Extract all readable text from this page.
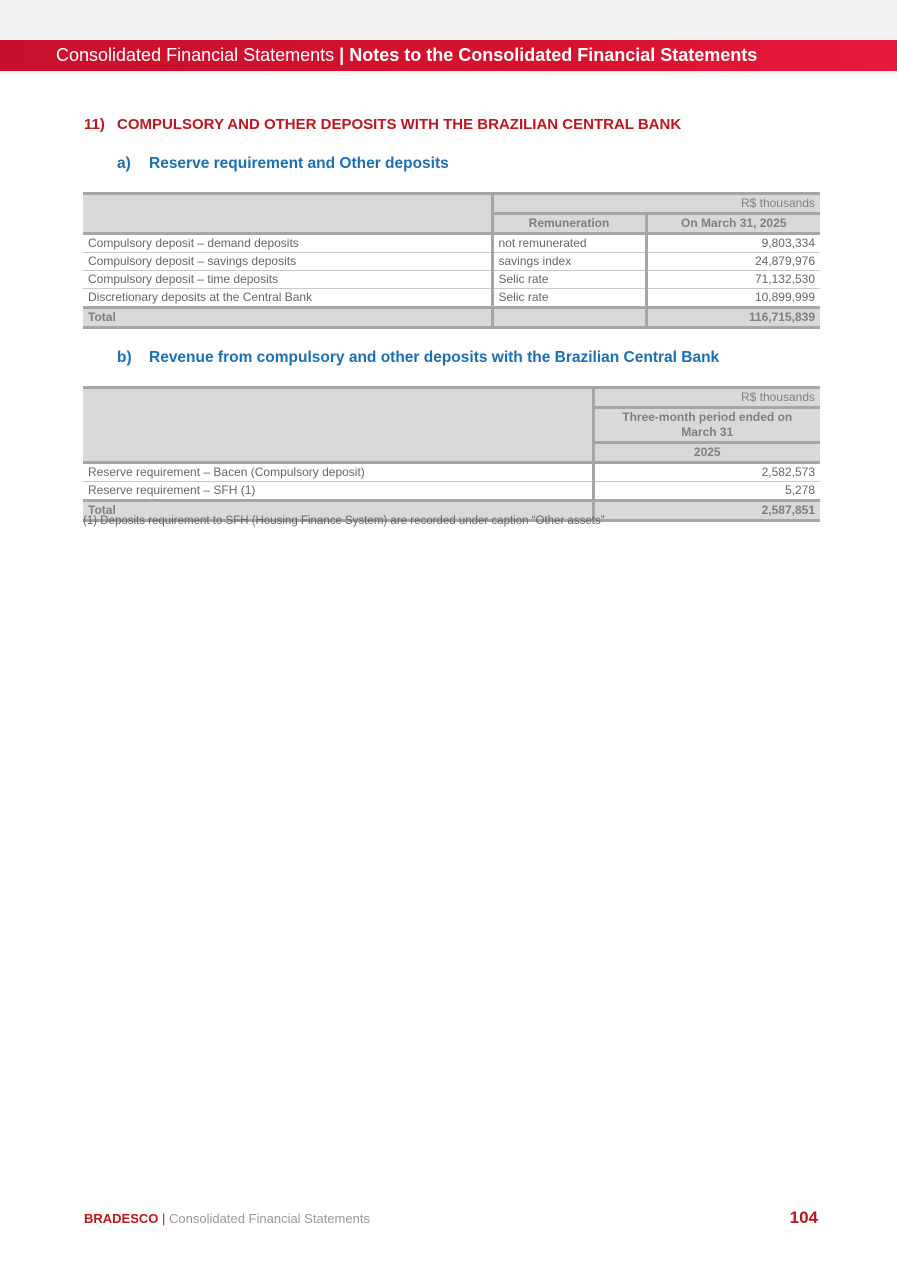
Consolidated Financial Statements | Notes to the Consolidated Financial Statements
11) COMPULSORY AND OTHER DEPOSITS WITH THE BRAZILIAN CENTRAL BANK
a) Reserve requirement and Other deposits
	R$ thousands	
	Remuneration	On March 31, 2025
Compulsory deposit – demand deposits	not remunerated	9,803,334
Compulsory deposit – savings deposits	savings index	24,879,976
Compulsory deposit – time deposits	Selic rate	71,132,530
Discretionary deposits at the Central Bank	Selic rate	10,899,999
Total		116,715,839
b) Revenue from compulsory and other deposits with the Brazilian Central Bank
	R$ thousands

	Three-month period ended on
March 31

	2025
Reserve requirement – Bacen (Compulsory deposit)	2,582,573
Reserve requirement – SFH (1)	5,278
Total	2,587,851
(1) Deposits requirement to SFH (Housing Finance System) are recorded under caption “Other assets”
BRADESCO | Consolidated Financial Statements	104
